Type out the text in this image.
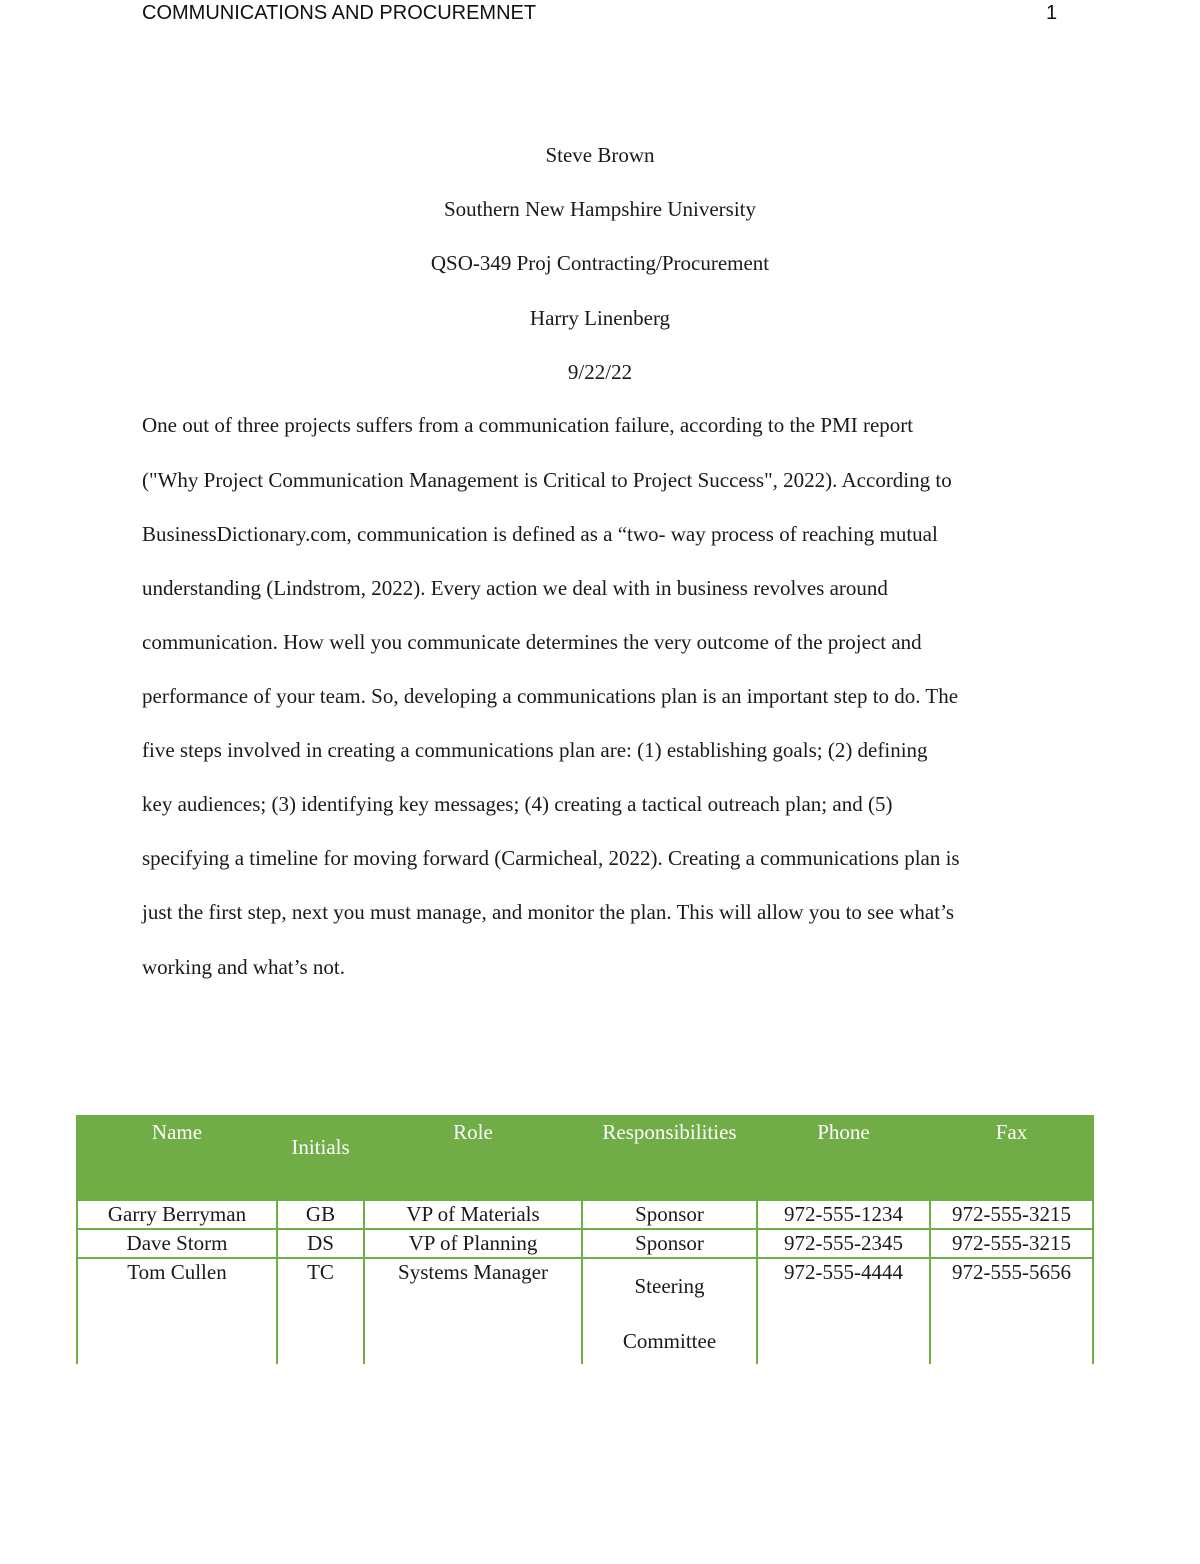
COMMUNICATIONS AND PROCUREMNET	1
Steve Brown
Southern New Hampshire University
QSO-349 Proj Contracting/Procurement
Harry Linenberg
9/22/22
One out of three projects suffers from a communication failure, according to the PMI report
("Why Project Communication Management is Critical to Project Success", 2022). According to
BusinessDictionary.com, communication is defined as a “two- way process of reaching mutual
understanding (Lindstrom, 2022). Every action we deal with in business revolves around
communication. How well you communicate determines the very outcome of the project and
performance of your team. So, developing a communications plan is an important step to do. The
five steps involved in creating a communications plan are: (1) establishing goals; (2) defining
key audiences; (3) identifying key messages; (4) creating a tactical outreach plan; and (5)
specifying a timeline for moving forward (Carmicheal, 2022). Creating a communications plan is
just the first step, next you must manage, and monitor the plan. This will allow you to see what’s
working and what’s not.
Name	Initials	Role	Responsibilities	Phone	Fax
Garry Berryman	GB	VP of Materials	Sponsor	972-555-1234	972-555-3215
Dave Storm	DS	VP of Planning	Sponsor	972-555-2345	972-555-3215
Tom Cullen	TC	Systems Manager	Steering Committee	972-555-4444	972-555-5656
